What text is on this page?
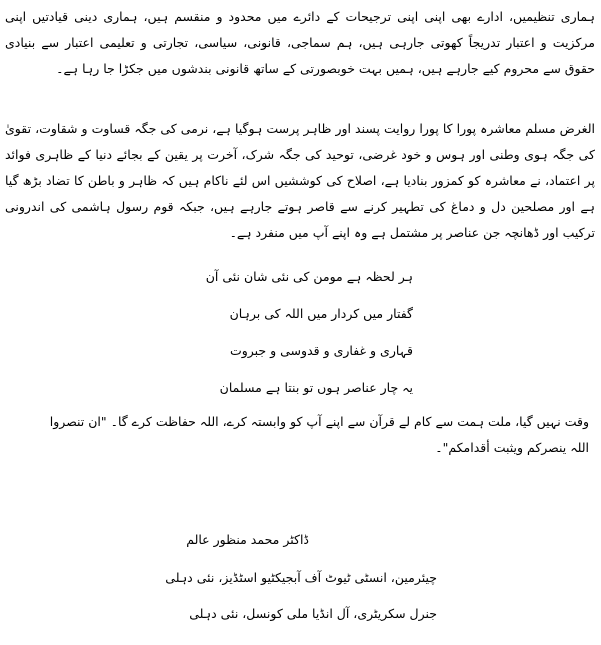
ہماری تنظیمیں، ادارے بھی اپنی اپنی ترجیحات کے دائرے میں محدود و منقسم ہیں، ہماری دینی قیادتیں اپنی مرکزیت و اعتبار تدریجاً کھوتی جارہی ہیں، ہم سماجی، قانونی، سیاسی، تجارتی و تعلیمی اعتبار سے بنیادی حقوق سے محروم کیے جارہے ہیں، ہمیں بہت خوبصورتی کے ساتھ قانونی بندشوں میں جکڑا جا رہا ہے۔

الغرض مسلم معاشرہ پورا کا پورا روایت پسند اور ظاہر پرست ہوگیا ہے، نرمی کی جگہ قساوت و شقاوت، تقویٰ کی جگہ ہوی وطنی اور ہوس و خود غرضی، توحید کی جگہ شرک، آخرت پر یقین کے بجائے دنیا کے ظاہری فوائد پر اعتماد، نے معاشرہ کو کمزور بنادیا ہے، اصلاح کی کوششیں اس لئے ناکام ہیں کہ ظاہر و باطن کا تضاد بڑھ گیا ہے اور مصلحین دل و دماغ کی تطہیر کرنے سے قاصر ہوتے جارہے ہیں، جبکہ قوم رسول ہاشمی کی اندرونی ترکیب اور ڈھانچہ جن عناصر پر مشتمل ہے وہ اپنے آپ میں منفرد ہے۔

ہر لحظہ ہے مومن کی نئی شان نئی آن
گفتار میں کردار میں اللہ کی برہان
قہاری و غفاری و قدوسی و جبروت
یہ چار عناصر ہوں تو بنتا ہے مسلمان
وقت نہیں گیا، ملت ہمت سے کام لے قرآن سے اپنے آپ کو وابستہ کرے، اللہ حفاظت کرے گا۔ "ان تنصروا
اللہ ینصرکم ویثبت أقدامکم"۔
ڈاکٹر محمد منظور عالم
چیئرمین، انسٹی ٹیوٹ آف آبجیکٹیو اسٹڈیز، نئی دہلی
جنرل سکریٹری، آل انڈیا ملی کونسل، نئی دہلی
